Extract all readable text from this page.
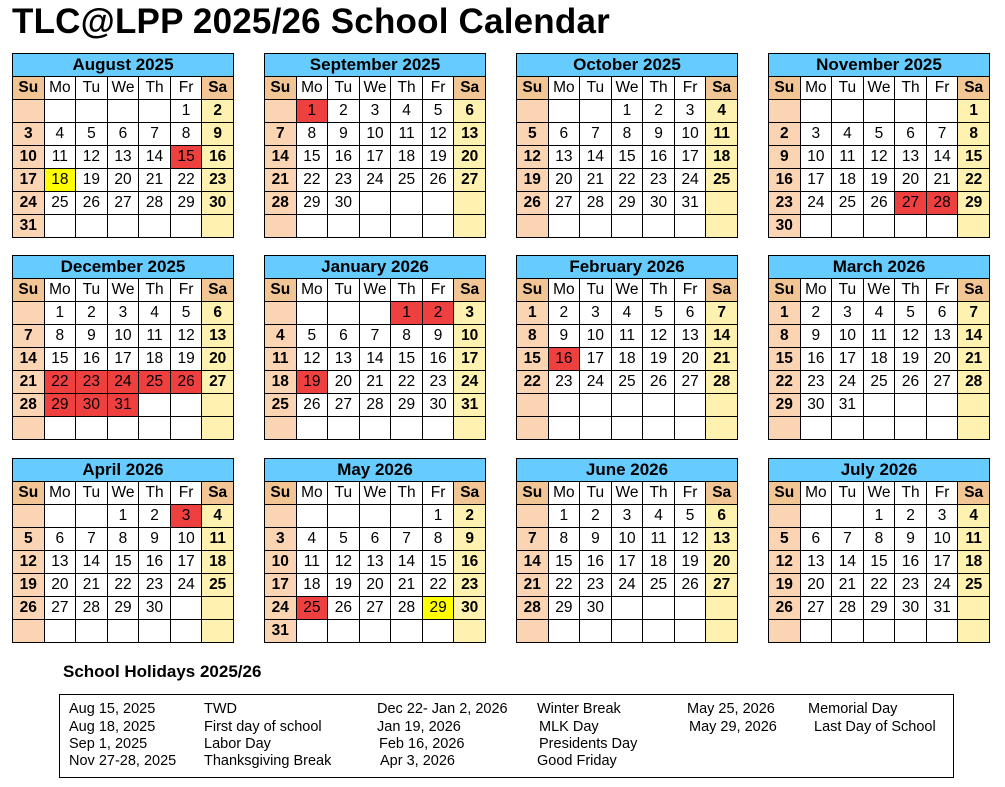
TLC@LPP 2025/26 School Calendar
August 2025						
Su	Mo	Tu	We	Th	Fr	Sa
					1	2
3	4	5	6	7	8	9
10	11	12	13	14	15	16
17	18	19	20	21	22	23
24	25	26	27	28	29	30
31						
September 2025						
Su	Mo	Tu	We	Th	Fr	Sa
	1	2	3	4	5	6
7	8	9	10	11	12	13
14	15	16	17	18	19	20
21	22	23	24	25	26	27
28	29	30				

October 2025						
Su	Mo	Tu	We	Th	Fr	Sa
			1	2	3	4
5	6	7	8	9	10	11
12	13	14	15	16	17	18
19	20	21	22	23	24	25
26	27	28	29	30	31	

November 2025						
Su	Mo	Tu	We	Th	Fr	Sa
						1
2	3	4	5	6	7	8
9	10	11	12	13	14	15
16	17	18	19	20	21	22
23	24	25	26	27	28	29
30						
December 2025						
Su	Mo	Tu	We	Th	Fr	Sa
	1	2	3	4	5	6
7	8	9	10	11	12	13
14	15	16	17	18	19	20
21	22	23	24	25	26	27
28	29	30	31			

January 2026						
Su	Mo	Tu	We	Th	Fr	Sa
				1	2	3
4	5	6	7	8	9	10
11	12	13	14	15	16	17
18	19	20	21	22	23	24
25	26	27	28	29	30	31

February 2026						
Su	Mo	Tu	We	Th	Fr	Sa
1	2	3	4	5	6	7
8	9	10	11	12	13	14
15	16	17	18	19	20	21
22	23	24	25	26	27	28

March 2026						
Su	Mo	Tu	We	Th	Fr	Sa
1	2	3	4	5	6	7
8	9	10	11	12	13	14
15	16	17	18	19	20	21
22	23	24	25	26	27	28
29	30	31				

April 2026						
Su	Mo	Tu	We	Th	Fr	Sa
			1	2	3	4
5	6	7	8	9	10	11
12	13	14	15	16	17	18
19	20	21	22	23	24	25
26	27	28	29	30		

May 2026						
Su	Mo	Tu	We	Th	Fr	Sa
					1	2
3	4	5	6	7	8	9
10	11	12	13	14	15	16
17	18	19	20	21	22	23
24	25	26	27	28	29	30
31						
June 2026						
Su	Mo	Tu	We	Th	Fr	Sa
	1	2	3	4	5	6
7	8	9	10	11	12	13
14	15	16	17	18	19	20
21	22	23	24	25	26	27
28	29	30				

July 2026						
Su	Mo	Tu	We	Th	Fr	Sa
			1	2	3	4
5	6	7	8	9	10	11
12	13	14	15	16	17	18
19	20	21	22	23	24	25
26	27	28	29	30	31	

School Holidays 2025/26
Aug 15, 2025	TWD
Aug 18, 2025	First day of school
Sep 1, 2025	Labor Day
Nov 27-28, 2025 Thanksgiving Break
Dec 22- Jan 2, 2026 Winter Break
Jan 19, 2026	MLK Day
Feb 16, 2026	Presidents Day
Apr 3, 2026	Good Friday
May 25, 2026 Memorial Day
May 29, 2026	Last Day of School
